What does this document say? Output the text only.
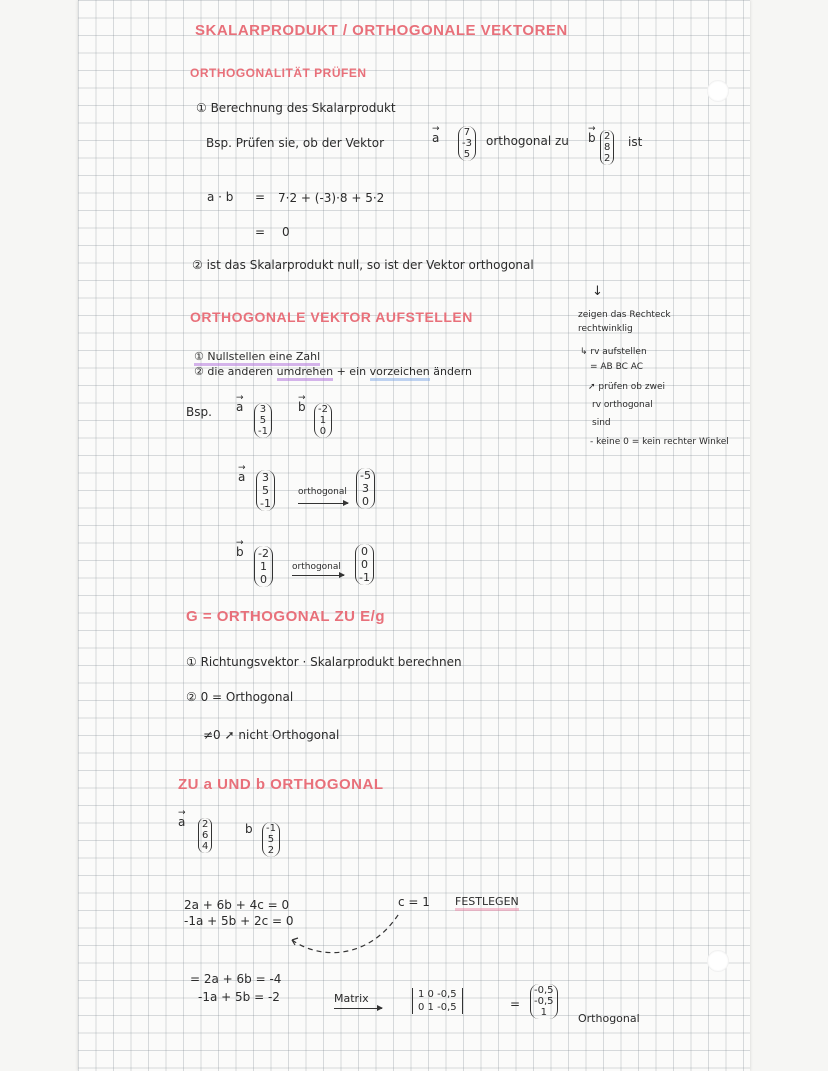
SKALARPRODUKT / ORTHOGONALE VEKTOREN
ORTHOGONALITÄT PRÜFEN
① Berechnung des Skalarprodukt
Bsp. Prüfen sie, ob der Vektor	→ a 7
-3
5
orthogonal zu → b 2
8
2
ist
a · b = 7·2 + (-3)·8 + 5·2
= 0
② ist das Skalarprodukt null, so ist der Vektor orthogonal
↓
zeigen das Rechteck
rechtwinklig
↳ rv aufstellen
= AB BC AC
➚ prüfen ob zwei
rv orthogonal
sind
- keine 0 = kein rechter Winkel
ORTHOGONALE VEKTOR AUFSTELLEN
① Nullstellen eine Zahl
② die anderen umdrehen + ein vorzeichen ändern
Bsp. → a 3
5
-1
→ b -2
1
0
→ a 3
5
-1
orthogonal
-5
3
0
→ b -2
1
0
orthogonal
0
0
-1
G = ORTHOGONAL ZU E/g
① Richtungsvektor · Skalarprodukt berechnen
② 0 = Orthogonal
≠0 ➚ nicht Orthogonal
ZU a UND b ORTHOGONAL
→ a 2
6
4
b -1
5
2
2a + 6b + 4c = 0
-1a + 5b + 2c = 0
c = 1 FESTLEGEN
= 2a + 6b = -4
-1a + 5b = -2	Matrix	1 0 -0,5
0 1 -0,5	=
-0,5
-0,5
1	Orthogonal
